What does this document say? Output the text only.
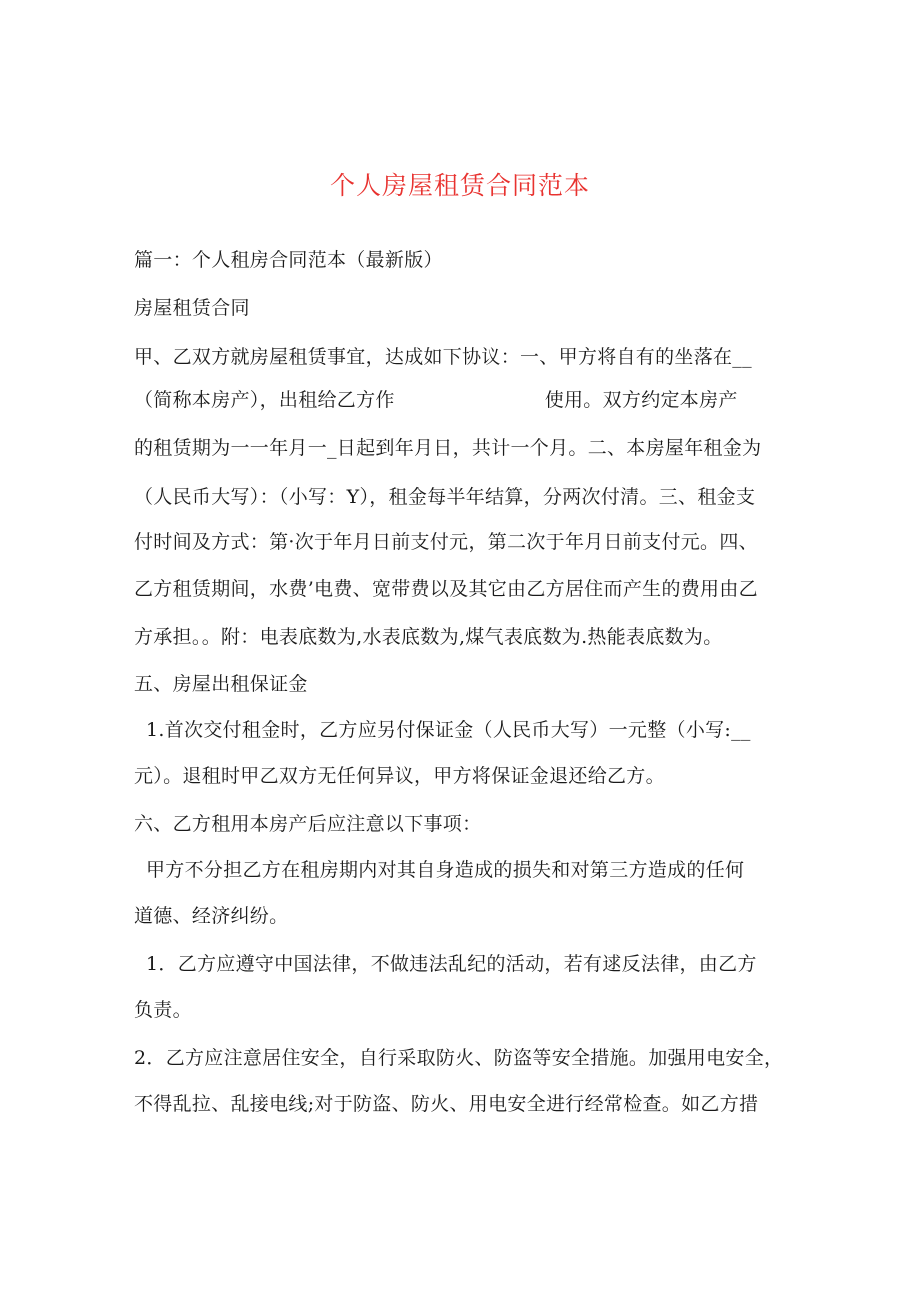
个人房屋租赁合同范本
篇一：个人租房合同范本（最新版）
房屋租赁合同
甲、乙双方就房屋租赁事宜，达成如下协议：一、甲方将自有的坐落在__
（简称本房产），出租给乙方作	使用。双方约定本房产
的租赁期为一一年月一_日起到年月日，共计一个月。二、本房屋年租金为
（人民币大写）：（小写：Y），租金每半年结算，分两次付清。三、租金支
付时间及方式：第·次于年月日前支付元，第二次于年月日前支付元。四、
乙方租赁期间，水费’电费、宽带费以及其它由乙方居住而产生的费用由乙
方承担。。附：电表底数为,水表底数为,煤气表底数为.热能表底数为。
五、房屋出租保证金
1.首次交付租金时，乙方应另付保证金（人民币大写）一元整（小写:__
元）。退租时甲乙双方无任何异议，甲方将保证金退还给乙方。
六、乙方租用本房产后应注意以下事项：
甲方不分担乙方在租房期内对其自身造成的损失和对第三方造成的任何
道德、经济纠纷。
1．乙方应遵守中国法律，不做违法乱纪的活动，若有逑反法律，由乙方
负责。
2．乙方应注意居住安全，自行采取防火、防盗等安全措施。加强用电安全，
不得乱拉、乱接电线;对于防盗、防火、用电安全进行经常检查。如乙方措
